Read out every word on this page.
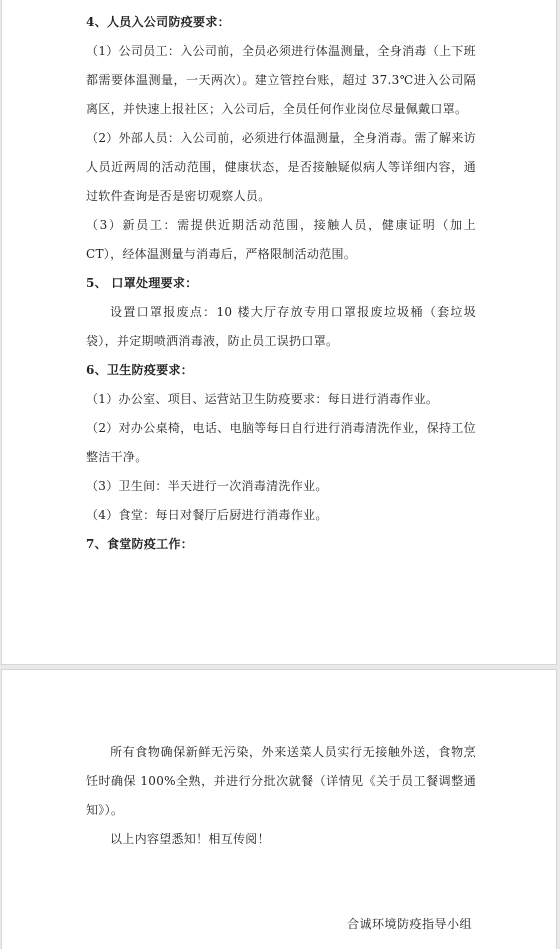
4、人员入公司防疫要求：

（1）公司员工：入公司前，全员必须进行体温测量，全身消毒（上下班都需要体温测量，一天两次）。建立管控台账，超过 37.3℃进入公司隔离区，并快速上报社区；入公司后，全员任何作业岗位尽量佩戴口罩。

（2）外部人员：入公司前，必须进行体温测量，全身消毒。需了解来访人员近两周的活动范围，健康状态，是否接触疑似病人等详细内容，通过软件查询是否是密切观察人员。

（3）新员工：需提供近期活动范围，接触人员，健康证明（加上 CT），经体温测量与消毒后，严格限制活动范围。

5、 口罩处理要求：

设置口罩报废点：10 楼大厅存放专用口罩报废垃圾桶（套垃圾袋），并定期喷洒消毒液，防止员工误扔口罩。

6、卫生防疫要求：

（1）办公室、项目、运营站卫生防疫要求：每日进行消毒作业。

（2）对办公桌椅，电话、电脑等每日自行进行消毒清洗作业，保持工位整洁干净。

（3）卫生间：半天进行一次消毒清洗作业。

（4）食堂：每日对餐厅后厨进行消毒作业。

7、食堂防疫工作：

所有食物确保新鲜无污染，外来送菜人员实行无接触外送，食物烹饪时确保 100%全熟，并进行分批次就餐（详情见《关于员工餐调整通知》）。

以上内容望悉知！相互传阅！

合诚环境防疫指导小组
